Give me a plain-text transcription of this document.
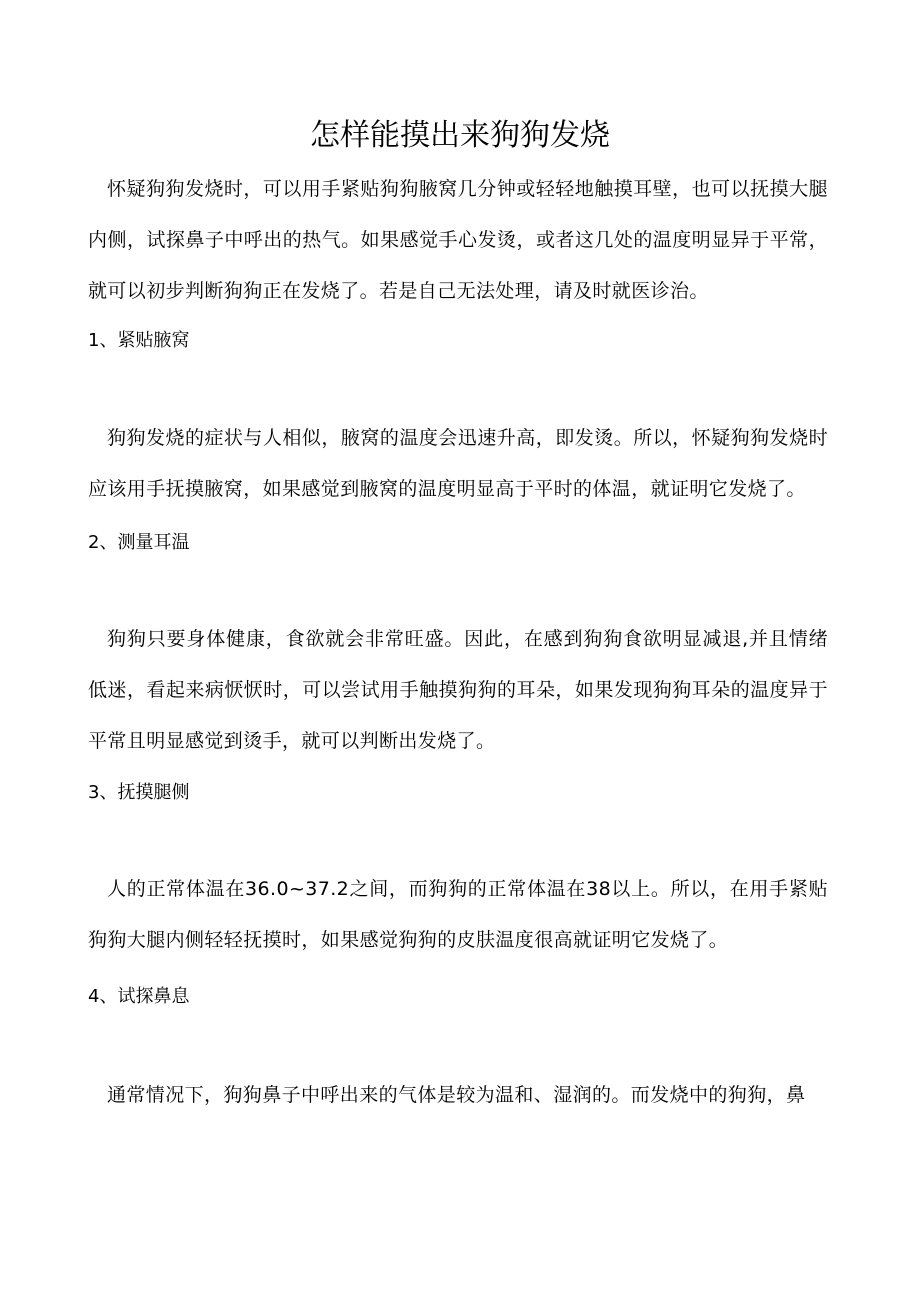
怎样能摸出来狗狗发烧

怀疑狗狗发烧时，可以用手紧贴狗狗腋窝几分钟或轻轻地触摸耳壁，也可以抚摸大腿内侧，试探鼻子中呼出的热气。如果感觉手心发烫，或者这几处的温度明显异于平常，就可以初步判断狗狗正在发烧了。若是自己无法处理，请及时就医诊治。

1、紧贴腋窝

狗狗发烧的症状与人相似，腋窝的温度会迅速升高，即发烫。所以，怀疑狗狗发烧时应该用手抚摸腋窝，如果感觉到腋窝的温度明显高于平时的体温，就证明它发烧了。

2、测量耳温

狗狗只要身体健康，食欲就会非常旺盛。因此，在感到狗狗食欲明显减退,并且情绪低迷，看起来病恹恹时，可以尝试用手触摸狗狗的耳朵，如果发现狗狗耳朵的温度异于平常且明显感觉到烫手，就可以判断出发烧了。

3、抚摸腿侧

人的正常体温在36.0~37.2之间，而狗狗的正常体温在38以上。所以，在用手紧贴狗狗大腿内侧轻轻抚摸时，如果感觉狗狗的皮肤温度很高就证明它发烧了。

4、试探鼻息

通常情况下，狗狗鼻子中呼出来的气体是较为温和、湿润的。而发烧中的狗狗，鼻
